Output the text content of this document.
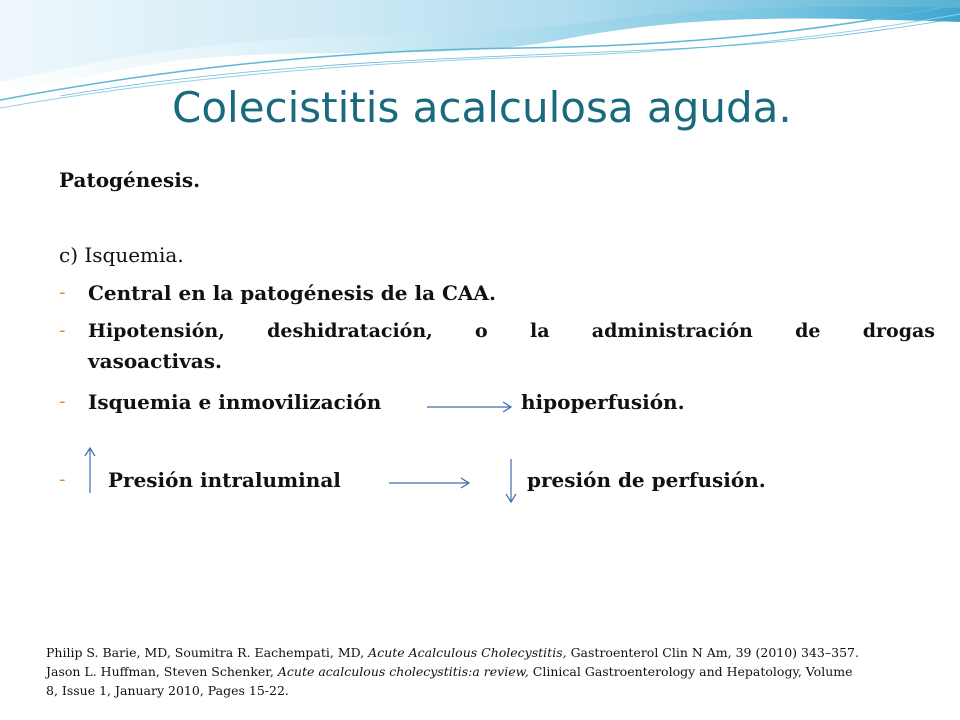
Colecistitis acalculosa aguda.
Patogénesis.
c) Isquemia.
- Central en la patogénesis de la CAA.
- Hipotensión, deshidratación, o la administración de drogas
vasoactivas.
- Isquemia e inmovilización	hipoperfusión.
- Presión intraluminal	presión de perfusión.

Philip S. Barie, MD, Soumitra R. Eachempati, MD, Acute Acalculous Cholecystitis, Gastroenterol Clin N Am, 39 (2010) 343–357.

Jason L. Huffman, Steven Schenker, Acute acalculous cholecystitis:a review, Clinical Gastroenterology and Hepatology, Volume

8, Issue 1, January 2010, Pages 15-22.
